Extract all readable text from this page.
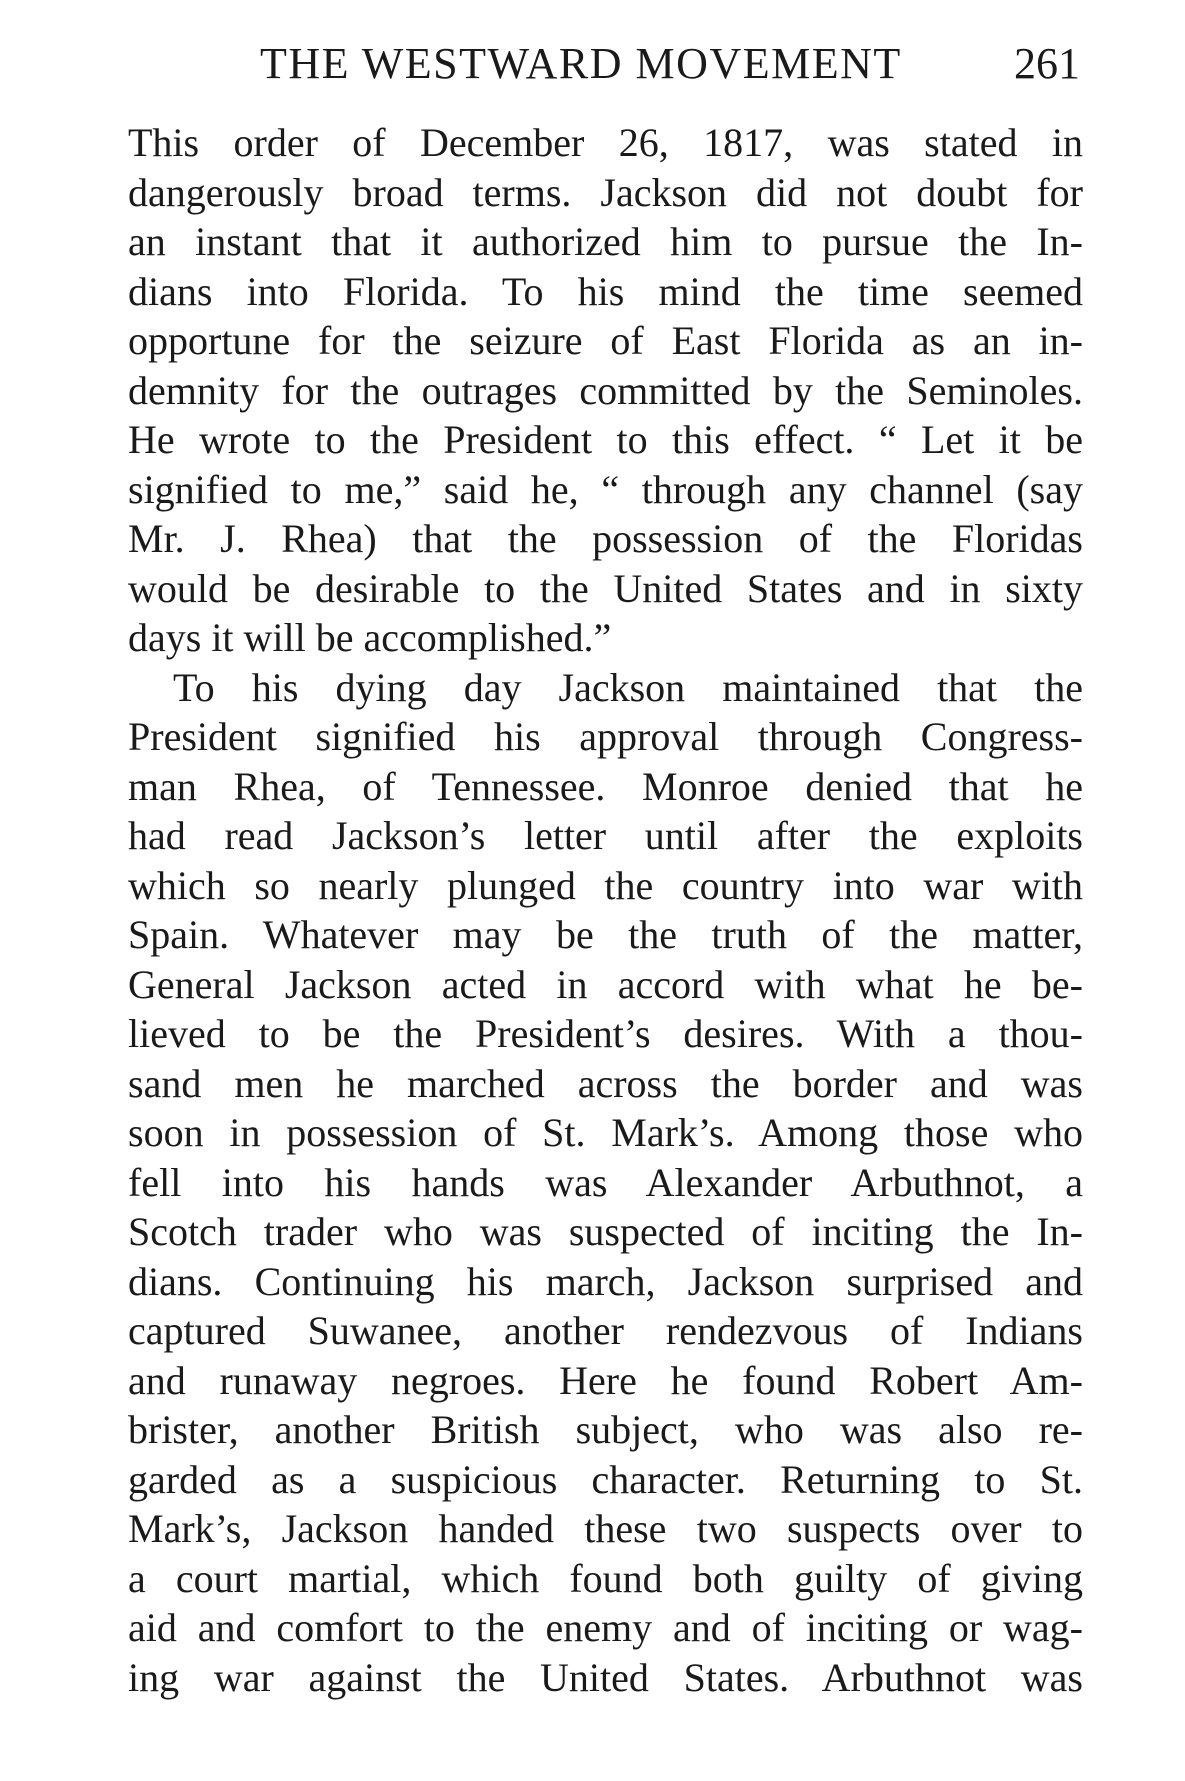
THE WESTWARD MOVEMENT	261
This order of December 26, 1817, was stated in
dangerously broad terms. Jackson did not doubt for
an instant that it authorized him to pursue the In-
dians into Florida. To his mind the time seemed
opportune for the seizure of East Florida as an in-
demnity for the outrages committed by the Seminoles.
He wrote to the President to this effect. “ Let it be
signified to me,” said he, “ through any channel (say
Mr. J. Rhea) that the possession of the Floridas
would be desirable to the United States and in sixty
days it will be accomplished.”
To his dying day Jackson maintained that the
President signified his approval through Congress-
man Rhea, of Tennessee. Monroe denied that he
had read Jackson’s letter until after the exploits
which so nearly plunged the country into war with
Spain. Whatever may be the truth of the matter,
General Jackson acted in accord with what he be-
lieved to be the President’s desires. With a thou-
sand men he marched across the border and was
soon in possession of St. Mark’s. Among those who
fell into his hands was Alexander Arbuthnot, a
Scotch trader who was suspected of inciting the In-
dians. Continuing his march, Jackson surprised and
captured Suwanee, another rendezvous of Indians
and runaway negroes. Here he found Robert Am-
brister, another British subject, who was also re-
garded as a suspicious character. Returning to St.
Mark’s, Jackson handed these two suspects over to
a court martial, which found both guilty of giving
aid and comfort to the enemy and of inciting or wag-
ing war against the United States. Arbuthnot was
